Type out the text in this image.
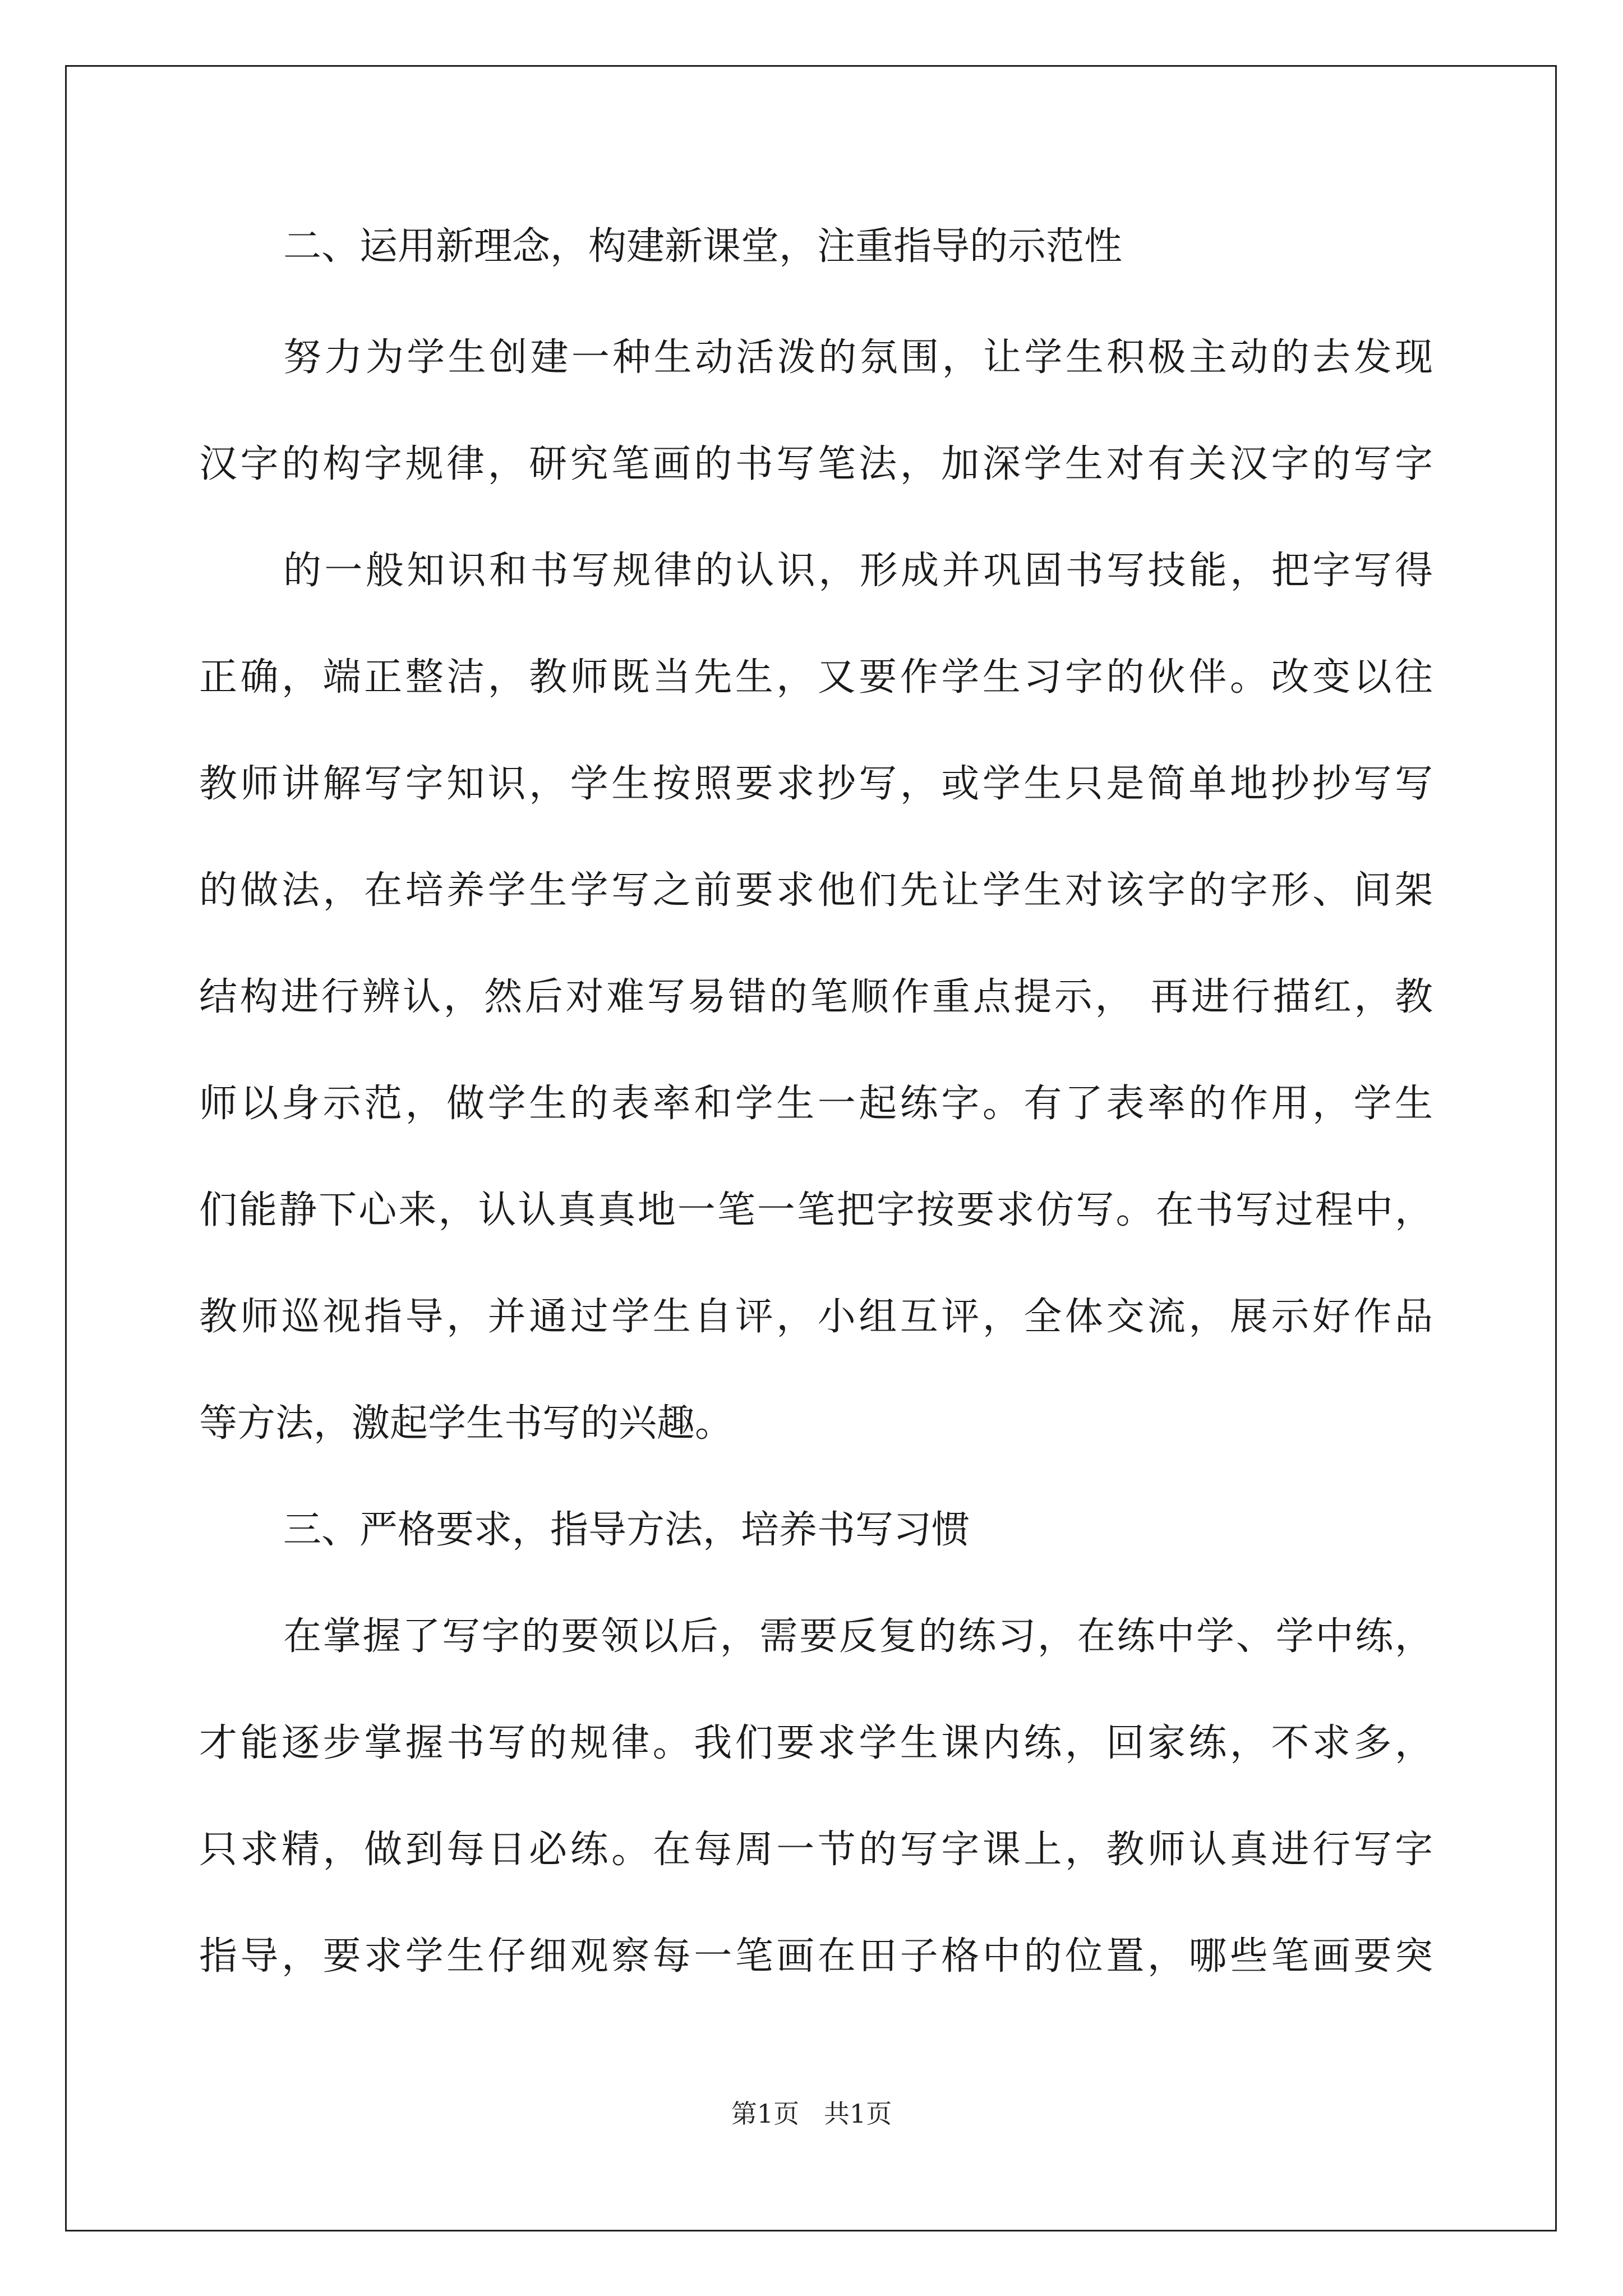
二、运用新理念，构建新课堂，注重指导的示范性
努力为学生创建一种生动活泼的氛围，让学生积极主动的去发现
汉字的构字规律，研究笔画的书写笔法，加深学生对有关汉字的写字
的一般知识和书写规律的认识，形成并巩固书写技能，把字写得
正确，端正整洁，教师既当先生，又要作学生习字的伙伴。改变以往
教师讲解写字知识，学生按照要求抄写，或学生只是简单地抄抄写写
的做法，在培养学生学写之前要求他们先让学生对该字的字形、间架
结构进行辨认，然后对难写易错的笔顺作重点提示， 再进行描红，教
师以身示范，做学生的表率和学生一起练字。有了表率的作用，学生
们能静下心来，认认真真地一笔一笔把字按要求仿写。在书写过程中，
教师巡视指导，并通过学生自评，小组互评，全体交流，展示好作品
等方法，激起学生书写的兴趣。
三、严格要求，指导方法，培养书写习惯
在掌握了写字的要领以后，需要反复的练习，在练中学、学中练，
才能逐步掌握书写的规律。我们要求学生课内练，回家练，不求多，
只求精，做到每日必练。在每周一节的写字课上，教师认真进行写字
指导，要求学生仔细观察每一笔画在田子格中的位置，哪些笔画要突
第1页   共1页
